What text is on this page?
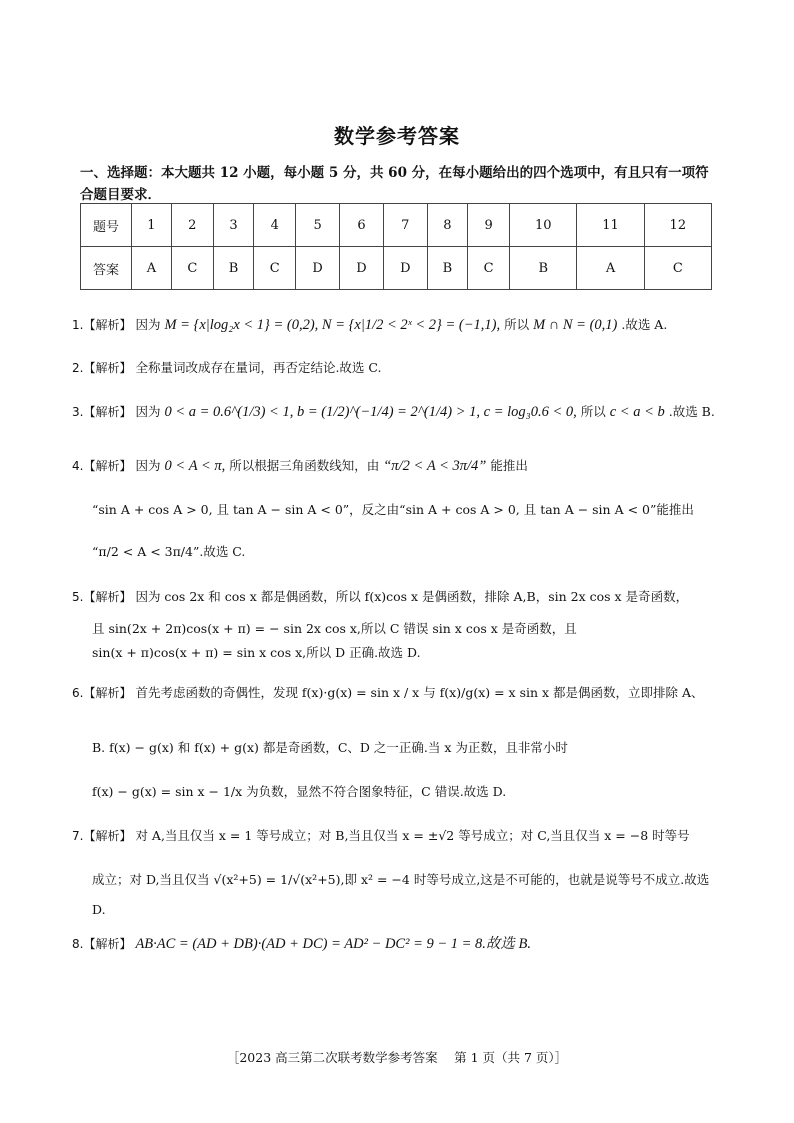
数学参考答案
一、选择题：本大题共 12 小题，每小题 5 分，共 60 分，在每小题给出的四个选项中，有且只有一项符合题目要求．
题号	1	2	3	4	5	6	7	8	9	10	11	12
答案	A	C	B	C	D	D	D	B	C	B	A	C
1.【解析】 因为 M = {x|log₂x < 1} = (0,2), N = {x|1/2 < 2ˣ < 2} = (−1,1), 所以 M ∩ N = (0,1) .故选 A.
2.【解析】 全称量词改成存在量词，再否定结论.故选 C.
3.【解析】 因为 0 < a = 0.6^(1/3) < 1, b = (1/2)^(−1/4) = 2^(1/4) > 1, c = log₃0.6 < 0, 所以 c < a < b .故选 B.
4.【解析】 因为 0 < A < π, 所以根据三角函数线知，由 “π/2 < A < 3π/4” 能推出
“sin A + cos A > 0, 且 tan A − sin A < 0”，反之由“sin A + cos A > 0, 且 tan A − sin A < 0”能推出
“π/2 < A < 3π/4”.故选 C.
5.【解析】 因为 cos 2x 和 cos x 都是偶函数，所以 f(x)cos x 是偶函数，排除 A,B，sin 2x cos x 是奇函数，
且 sin(2x + 2π)cos(x + π) = − sin 2x cos x,所以 C 错误 sin x cos x 是奇函数，且
sin(x + π)cos(x + π) = sin x cos x,所以 D 正确.故选 D.
6.【解析】 首先考虑函数的奇偶性，发现 f(x)·g(x) = sin x / x 与 f(x)/g(x) = x sin x 都是偶函数，立即排除 A、
B. f(x) − g(x) 和 f(x) + g(x) 都是奇函数，C、D 之一正确.当 x 为正数，且非常小时
f(x) − g(x) = sin x − 1/x 为负数，显然不符合图象特征，C 错误.故选 D.
7.【解析】 对 A,当且仅当 x = 1 等号成立；对 B,当且仅当 x = ±√2 等号成立；对 C,当且仅当 x = −8 时等号
成立；对 D,当且仅当 √(x²+5) = 1/√(x²+5),即 x² = −4 时等号成立,这是不可能的，也就是说等号不成立.故选
D.
8.【解析】 AB·AC = (AD + DB)·(AD + DC) = AD² − DC² = 9 − 1 = 8.故选 B.
［2023 高三第二次联考数学参考答案　 第 1 页（共 7 页）］
